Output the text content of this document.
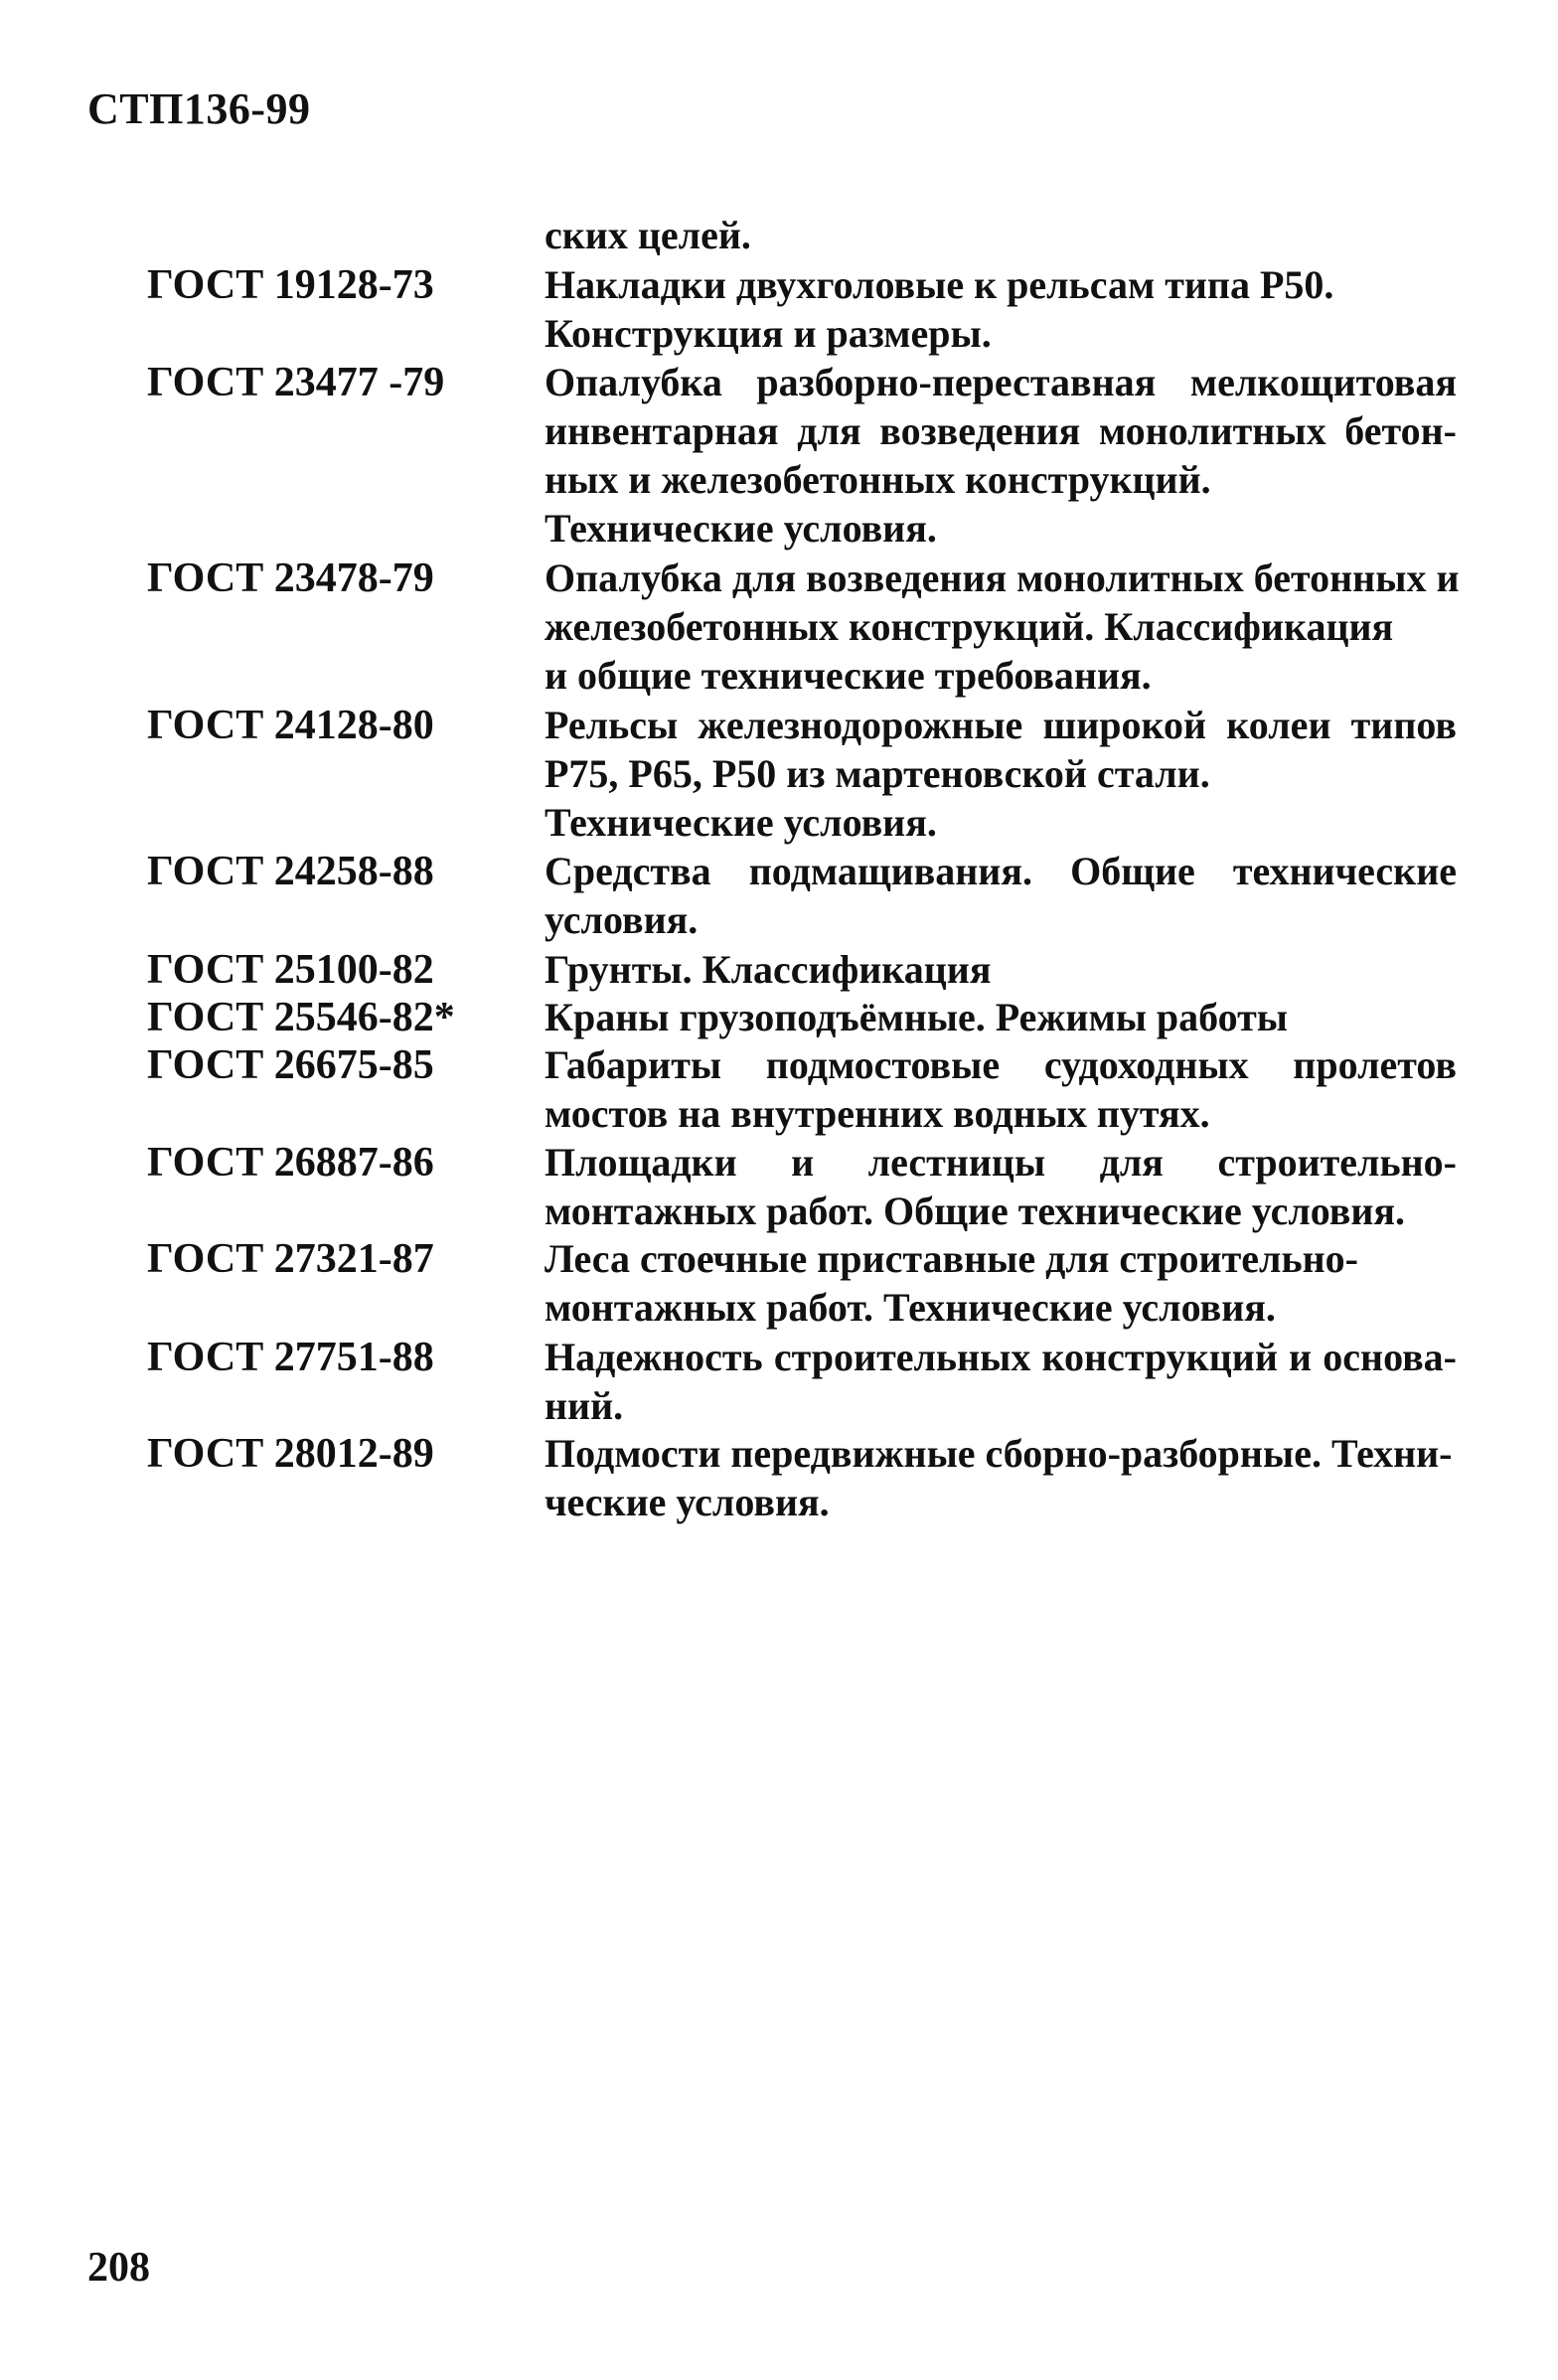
СТП136-99
ских целей.
ГОСТ 19128-73	Накладки двухголовые к рельсам типа Р50.
Конструкция и размеры.
ГОСТ 23477 -79	Опалубка разборно-переставная мелкощитовая
инвентарная для возведения монолитных бетон-
ных и железобетонных конструкций.
Технические условия.
ГОСТ 23478-79	Опалубка для возведения монолитных бетонных и
железобетонных конструкций. Классификация
и общие технические требования.
ГОСТ 24128-80	Рельсы железнодорожные широкой колеи типов
Р75, Р65, Р50 из мартеновской стали.
Технические условия.
ГОСТ 24258-88	Средства подмащивания. Общие технические
условия.
ГОСТ 25100-82	Грунты. Классификация
ГОСТ 25546-82* Краны грузоподъёмные. Режимы работы
ГОСТ 26675-85	Габариты подмостовые судоходных пролетов
мостов на внутренних водных путях.
ГОСТ 26887-86	Площадки и лестницы для строительно-
монтажных работ. Общие технические условия.
ГОСТ 27321-87	Леса стоечные приставные для строительно-
монтажных работ. Технические условия.
ГОСТ 27751-88	Надежность строительных конструкций и основа-
ний.
ГОСТ 28012-89	Подмости передвижные сборно-разборные. Техни-
ческие условия.
208
